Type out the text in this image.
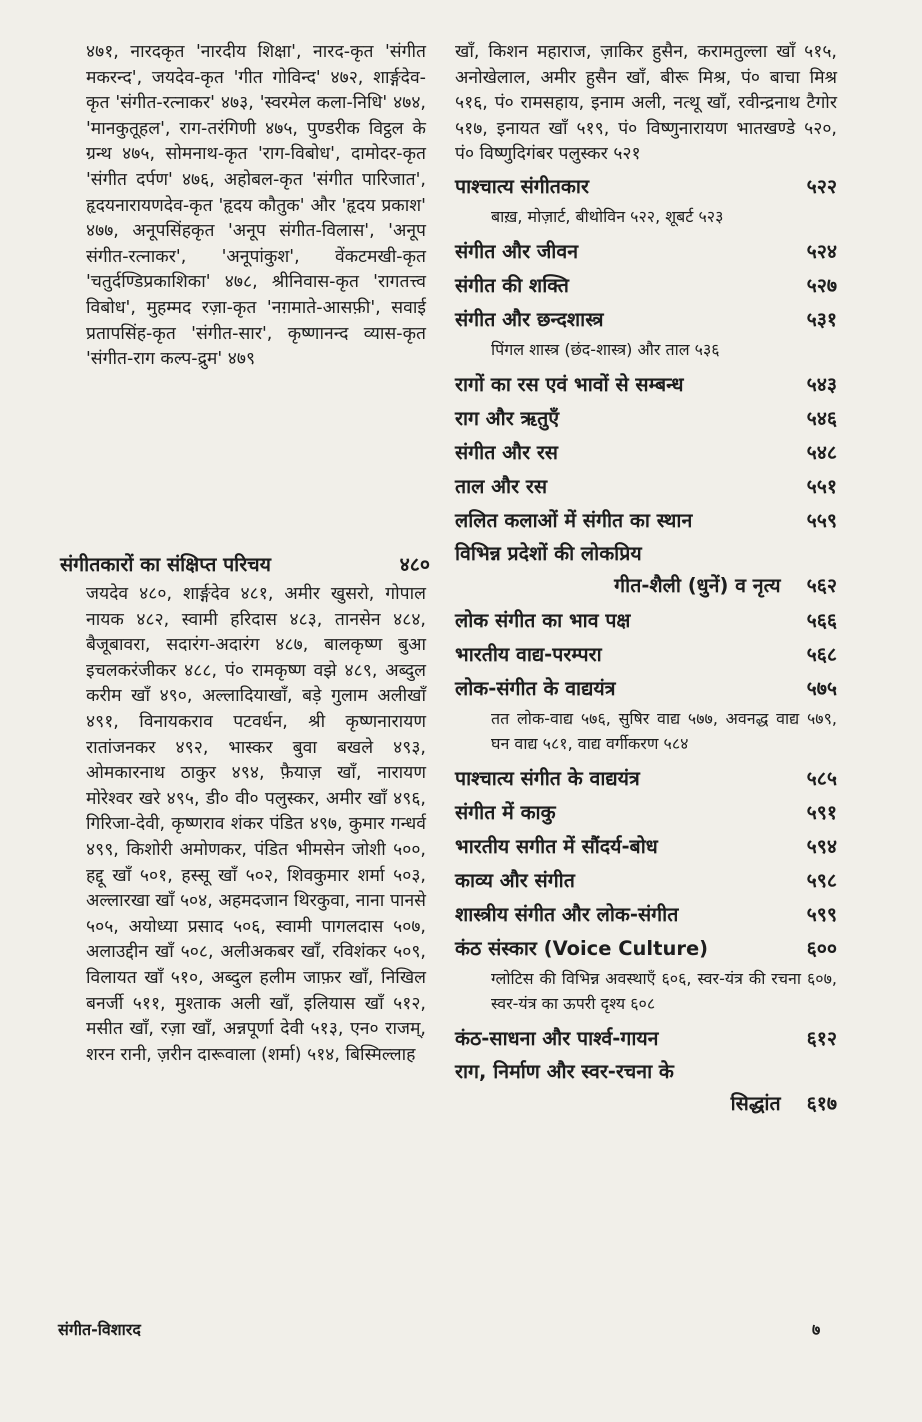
४७१, नारदकृत 'नारदीय शिक्षा', नारद-कृत 'संगीत मकरन्द', जयदेव-कृत 'गीत गोविन्द' ४७२, शार्ङ्गदेव-कृत 'संगीत-रत्नाकर' ४७३, 'स्वरमेल कला-निधि' ४७४, 'मानकुतूहल', राग-तरंगिणी ४७५, पुण्डरीक विट्ठल के ग्रन्थ ४७५, सोमनाथ-कृत 'राग-विबोध', दामोदर-कृत 'संगीत दर्पण' ४७६, अहोबल-कृत 'संगीत पारिजात', हृदयनारायणदेव-कृत 'हृदय कौतुक' और 'हृदय प्रकाश' ४७७, अनूपसिंहकृत 'अनूप संगीत-विलास', 'अनूप संगीत-रत्नाकर', 'अनूपांकुश', वेंकटमखी-कृत 'चतुर्दण्डिप्रकाशिका' ४७८, श्रीनिवास-कृत 'रागतत्त्व विबोध', मुहम्मद रज़ा-कृत 'नग़माते-आसफ़ी', सवाई प्रतापसिंह-कृत 'संगीत-सार', कृष्णानन्द व्यास-कृत 'संगीत-राग कल्प-द्रुम' ४७९

संगीतकारों का संक्षिप्त परिचय	४८०

जयदेव ४८०, शार्ङ्गदेव ४८१, अमीर खुसरो, गोपाल नायक ४८२, स्वामी हरिदास ४८३, तानसेन ४८४, बैजूबावरा, सदारंग-अदारंग ४८७, बालकृष्ण बुआ इचलकरंजीकर ४८८, पं० रामकृष्ण वझे ४८९, अब्दुल करीम खाँ ४९०, अल्लादियाखाँ, बड़े गुलाम अलीखाँ ४९१, विनायकराव पटवर्धन, श्री कृष्णनारायण रातांजनकर ४९२, भास्कर बुवा बखले ४९३, ओमकारनाथ ठाकुर ४९४, फ़ैयाज़ खाँ, नारायण मोरेश्वर खरे ४९५, डी० वी० पलुस्कर, अमीर खाँ ४९६, गिरिजा-देवी, कृष्णराव शंकर पंडित ४९७, कुमार गन्धर्व ४९९, किशोरी अमोणकर, पंडित भीमसेन जोशी ५००, हद्दू खाँ ५०१, हस्सू खाँ ५०२, शिवकुमार शर्मा ५०३, अल्लारखा खाँ ५०४, अहमदजान थिरकुवा, नाना पानसे ५०५, अयोध्या प्रसाद ५०६, स्वामी पागलदास ५०७, अलाउद्दीन खाँ ५०८, अलीअकबर खाँ, रविशंकर ५०९, विलायत खाँ ५१०, अब्दुल हलीम जाफ़र खाँ, निखिल बनर्जी ५११, मुश्ताक अली खाँ, इलियास खाँ ५१२, मसीत खाँ, रज़ा खाँ, अन्नपूर्णा देवी ५१३, एन० राजम्, शरन रानी, ज़रीन दारूवाला (शर्मा) ५१४, बिस्मिल्लाह

खाँ, किशन महाराज, ज़ाकिर हुसैन, करामतुल्ला खाँ ५१५, अनोखेलाल, अमीर हुसैन खाँ, बीरू मिश्र, पं० बाचा मिश्र ५१६, पं० रामसहाय, इनाम अली, नत्थू खाँ, रवीन्द्रनाथ टैगोर ५१७, इनायत खाँ ५१९, पं० विष्णुनारायण भातखण्डे ५२०, पं० विष्णुदिगंबर पलुस्कर ५२१

पाश्चात्य संगीतकार	५२२
बाख़, मोज़ार्ट, बीथोविन ५२२, शूबर्ट ५२३
संगीत और जीवन	५२४
संगीत की शक्ति	५२७
संगीत और छन्दशास्त्र	५३१
पिंगल शास्त्र (छंद-शास्त्र) और ताल ५३६
रागों का रस एवं भावों से सम्बन्ध	५४३
राग और ऋतुएँ	५४६
संगीत और रस	५४८
ताल और रस	५५१
ललित कलाओं में संगीत का स्थान	५५९
विभिन्न प्रदेशों की लोकप्रिय
गीत-शैली (धुनें) व नृत्य ५६२
लोक संगीत का भाव पक्ष	५६६
भारतीय वाद्य-परम्परा	५६८
लोक-संगीत के वाद्ययंत्र	५७५
तत लोक-वाद्य ५७६, सुषिर वाद्य ५७७, अवनद्ध वाद्य ५७९, घन वाद्य ५८१, वाद्य वर्गीकरण ५८४
पाश्चात्य संगीत के वाद्ययंत्र	५८५
संगीत में काकु	५९१
भारतीय सगीत में सौंदर्य-बोध	५९४
काव्य और संगीत	५९८
शास्त्रीय संगीत और लोक-संगीत	५९९
कंठ संस्कार (Voice Culture)	६००
ग्लोटिस की विभिन्न अवस्थाएँ ६०६, स्वर-यंत्र की रचना ६०७, स्वर-यंत्र का ऊपरी दृश्य ६०८
कंठ-साधना और पार्श्व-गायन	६१२
राग, निर्माण और स्वर-रचना के
सिद्धांत ६१७
संगीत-विशारद	७
